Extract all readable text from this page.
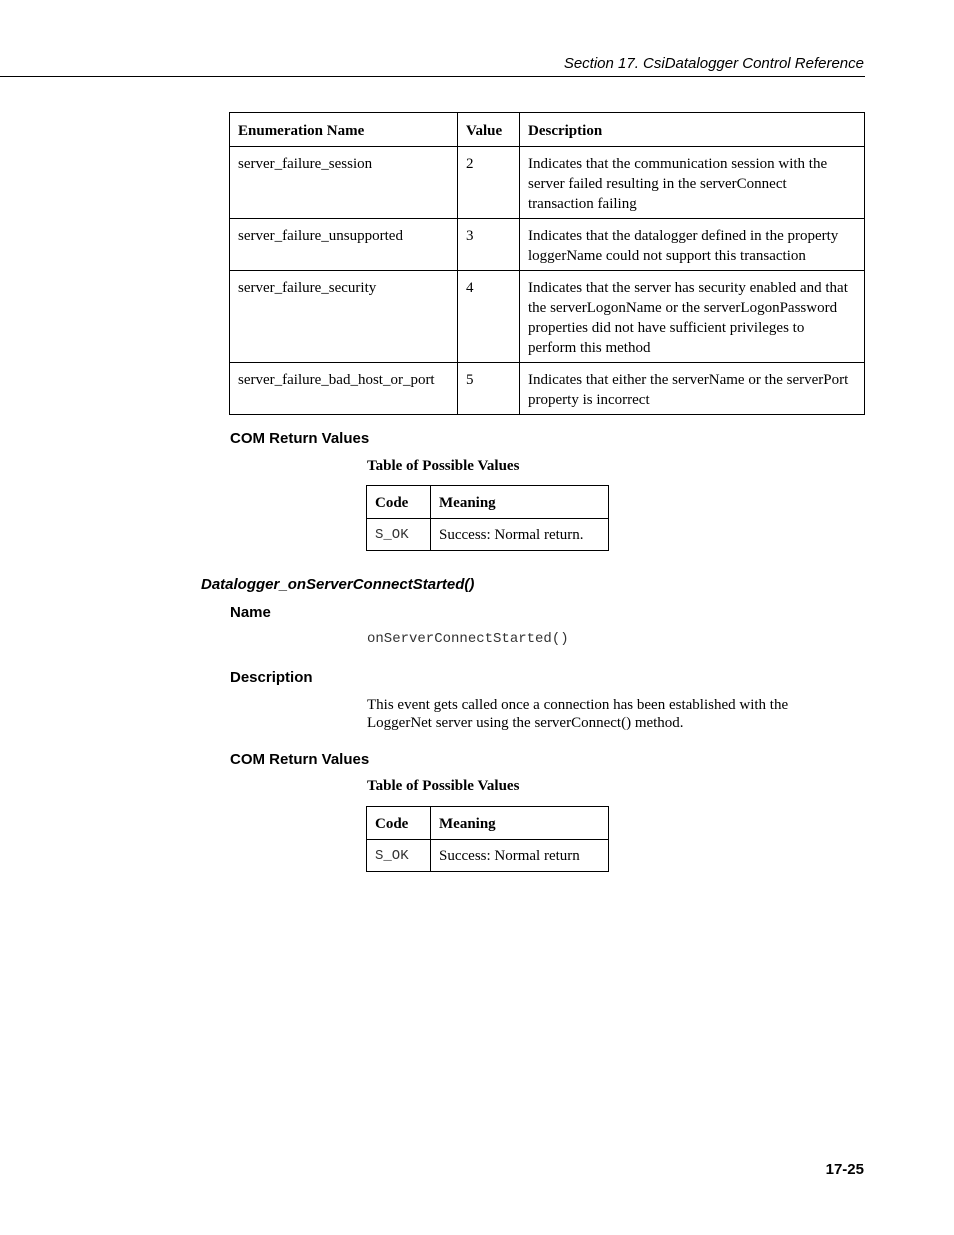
Section 17. CsiDatalogger Control Reference
Enumeration Name	Value	Description
server_failure_session	2	Indicates that the communication session with the server failed resulting in the serverConnect transaction failing
server_failure_unsupported	3	Indicates that the datalogger defined in the property loggerName could not support this transaction
server_failure_security	4	Indicates that the server has security enabled and that the serverLogonName or the serverLogonPassword properties did not have sufficient privileges to perform this method
server_failure_bad_host_or_port	5	Indicates that either the serverName or the serverPort property is incorrect
COM Return Values
Table of Possible Values
Code	Meaning
S_OK	Success: Normal return.
Datalogger_onServerConnectStarted()
Name
onServerConnectStarted()
Description
This event gets called once a connection has been established with the LoggerNet server using the serverConnect() method.
COM Return Values
Table of Possible Values
Code	Meaning
S_OK	Success: Normal return
17-25
